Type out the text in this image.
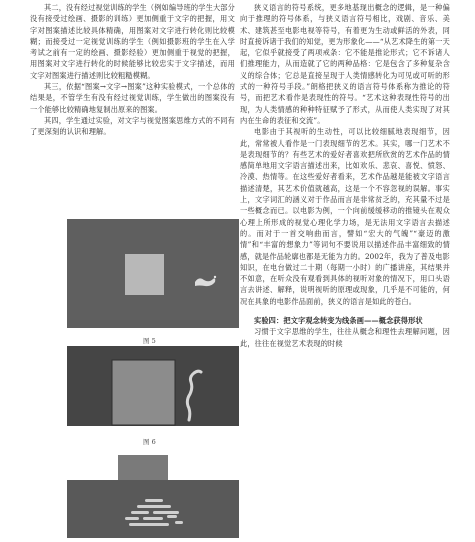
其二，没有经过视觉训练的学生（例如编导班的学生大部分没有接受过绘画、摄影的训练）更加侧重于文字的把握，用文字对图案描述比较具体精确，用图案对文字进行转化则比较模糊；而接受过一定视觉训练的学生（例如摄影班的学生在入学考试之前有一定的绘画、摄影经验）更加侧重于视觉的把握，用图案对文字进行转化的时候能够比较忠实于文字描述，而用文字对图案进行描述则比较粗糙模糊。

其三，依据“图案→文字→图案”这种实验模式，一个总体的结果是，不管学生有没有经过视觉训练，学生做出的图案没有一个能够比较精确地复制出原来的图案。

其四，学生通过实验，对文字与视觉图案思维方式的不同有了更深刻的认识和理解。

图 5
图 6

狭义语言的符号系统，更多地基现出概念的逻辑，是一种偏向于推理的符号体系，与狭义语言符号相比，戏剧、音乐、美术、建筑甚至电影电视等符号，有着更为生动或鲜活的外表，同时直接诉诸于我们的知觉，更为形象化——“从艺术降生的第一天起，它似乎就接受了两项戒条：它不能是推论形式；它不诉诸人们推理能力，从而造就了它的两种品格：它是包含了多种复杂含义的综合体；它总是直接呈现于人类情感转化为可见或可听的形式的一种符号手段。”朗格把狭义的语言符号体系称为推论的符号，而把艺术看作是表现性的符号。“艺术这种表现性符号的出现，为人类情感的种种特征赋予了形式，从而使人类实现了对其内在生命的表征和交流”。

电影由于其视听的生动性，可以比较细腻地表现细节，因此，常常被人看作是一门表现细节的艺术。其实，哪一门艺术不是表现细节的？有些艺术的爱好者喜欢把所欣赏的艺术作品的情感简单地用文字语言描述出来，比如欢乐、悲哀、喜悦、愤怒、冷漠、热情等。在这些爱好者看来，艺术作品越是能被文字语言描述清楚，其艺术价值就越高，这是一个不容忽视的误解。事实上，文字词汇的涵义对于作品而言是非常贫乏的，充其量不过是一些概念而已。以电影为例，一个向前缓缓移动的推镜头在观众心理上所形成的视觉心理化学力场，是无法用文字语言去描述的。而对于一首交响曲而言，譬如“宏大的气魄”“豪迈的激情”和“丰富的想象力”等词句不要说用以描述作品丰富细致的情感，就是作品轮廓也都是无能为力的。2002年，我为了普及电影知识，在电台做过二十期（每期一小时）的广播讲座，其结果并不如意，在听众没有观看到具体的视听对象的情况下，用口头语言去讲述、解释，说明视听的原理或现象，几乎是不可能的，何况在具象的电影作品面前，狭义的语言是如此的苍白。

实验四：把文字观念转变为线条画——概念获得形状

习惯于文字思维的学生，往往从概念和理性去理解问题，因此，往往在视觉艺术表现的时候
